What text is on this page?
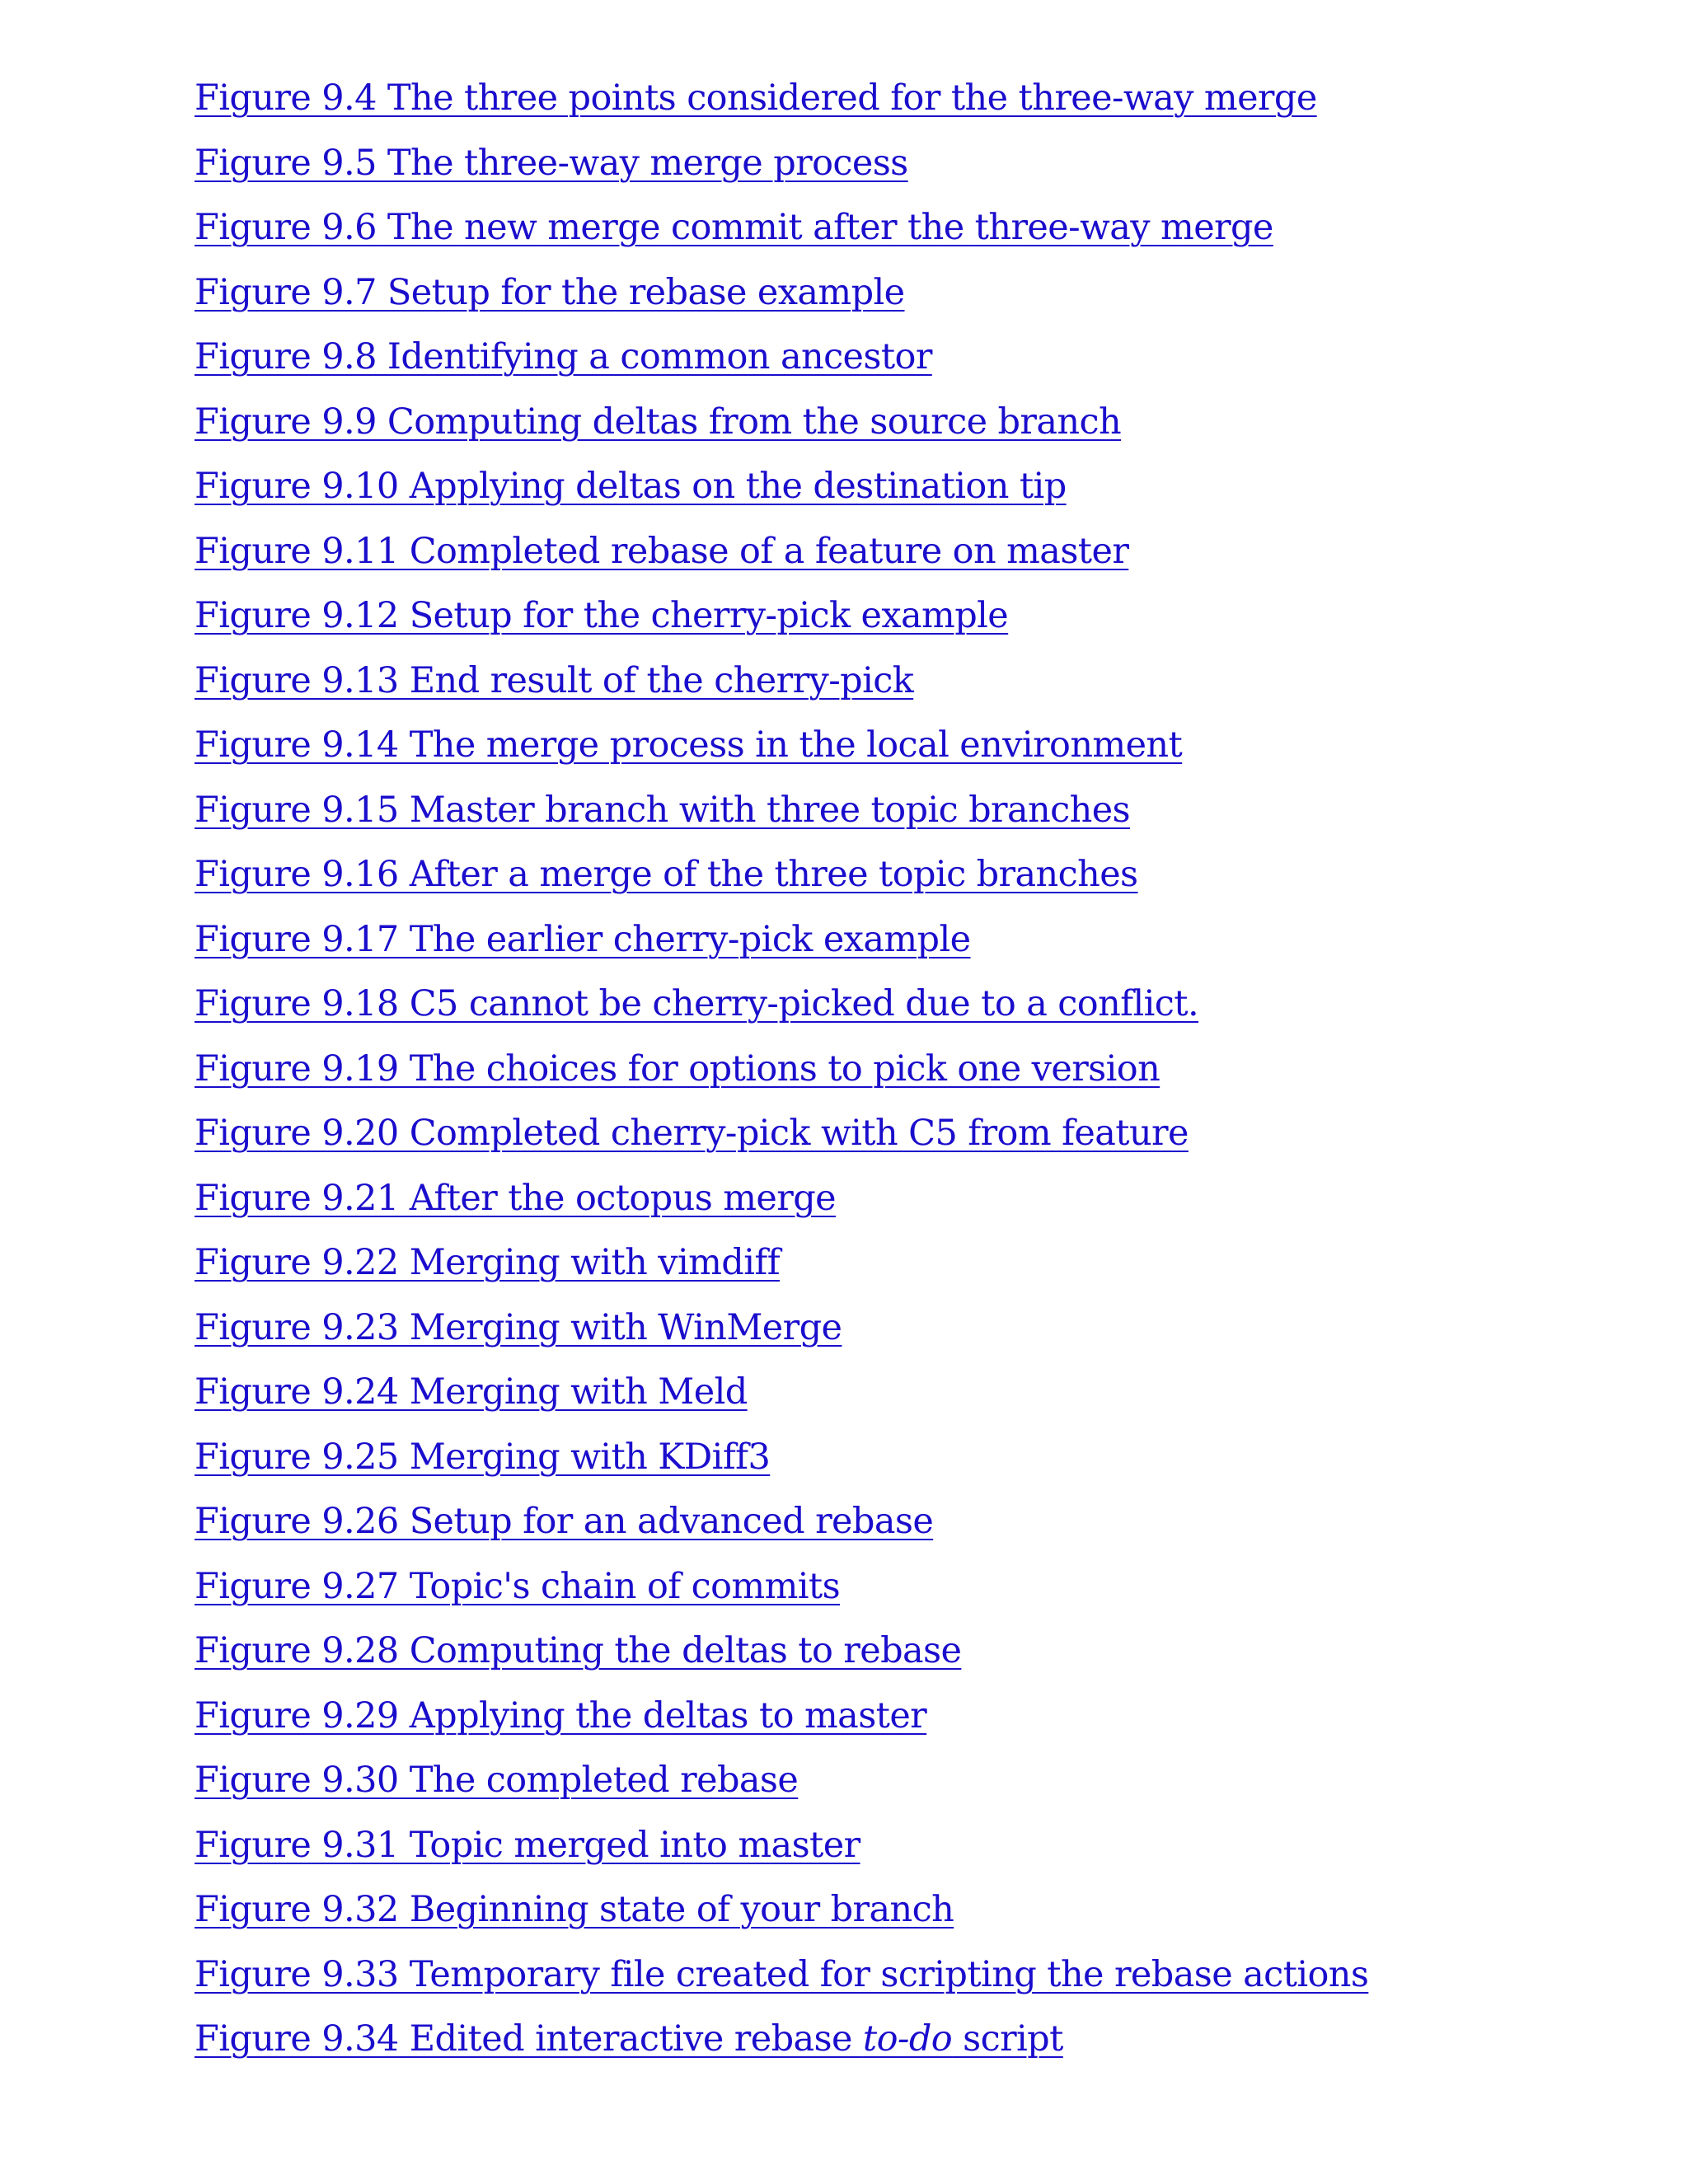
Figure 9.4 The three points considered for the three-way merge
Figure 9.5 The three-way merge process
Figure 9.6 The new merge commit after the three-way merge
Figure 9.7 Setup for the rebase example
Figure 9.8 Identifying a common ancestor
Figure 9.9 Computing deltas from the source branch
Figure 9.10 Applying deltas on the destination tip
Figure 9.11 Completed rebase of a feature on master
Figure 9.12 Setup for the cherry-pick example
Figure 9.13 End result of the cherry-pick
Figure 9.14 The merge process in the local environment
Figure 9.15 Master branch with three topic branches
Figure 9.16 After a merge of the three topic branches
Figure 9.17 The earlier cherry-pick example
Figure 9.18 C5 cannot be cherry-picked due to a conflict.
Figure 9.19 The choices for options to pick one version
Figure 9.20 Completed cherry-pick with C5 from feature
Figure 9.21 After the octopus merge
Figure 9.22 Merging with vimdiff
Figure 9.23 Merging with WinMerge
Figure 9.24 Merging with Meld
Figure 9.25 Merging with KDiff3
Figure 9.26 Setup for an advanced rebase
Figure 9.27 Topic's chain of commits
Figure 9.28 Computing the deltas to rebase
Figure 9.29 Applying the deltas to master
Figure 9.30 The completed rebase
Figure 9.31 Topic merged into master
Figure 9.32 Beginning state of your branch
Figure 9.33 Temporary file created for scripting the rebase actions
Figure 9.34 Edited interactive rebase to-do script
